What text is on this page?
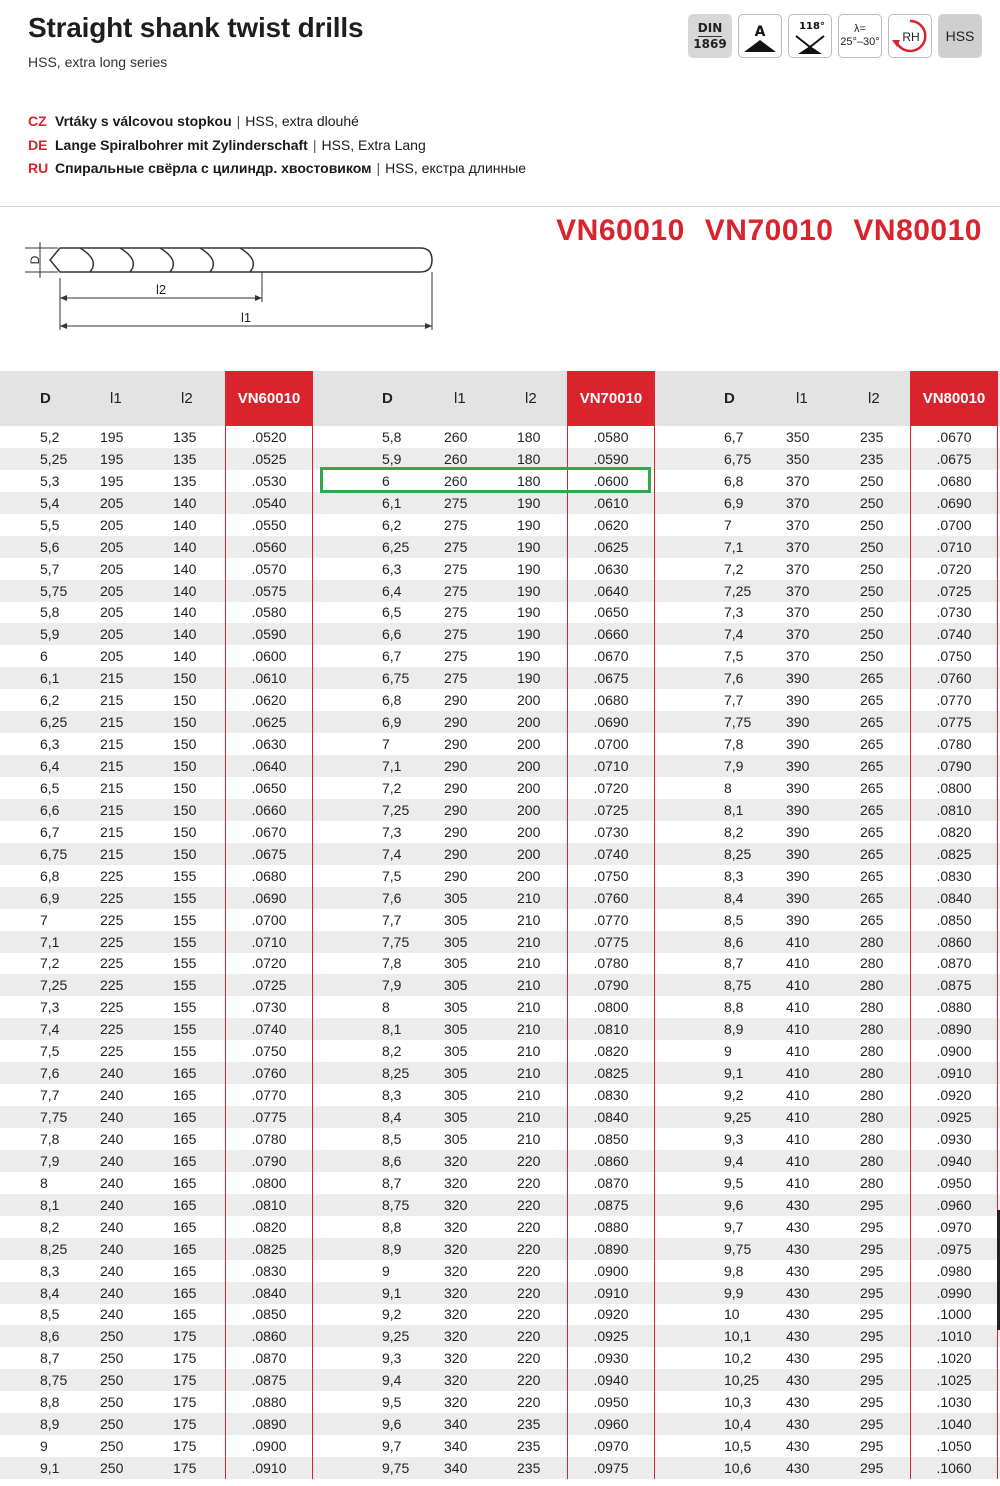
Straight shank twist drills
HSS, extra long series
DIN
1869
A	118°	λ=
25°–30° RH	HSS
CZ Vrtáky s válcovou stopkou | HSS, extra dlouhé
DE Lange Spiralbohrer mit Zylinderschaft | HSS, Extra Lang
RU Спиральные свёрла с цилиндр. хвостовиком | HSS, екстра длинные
D
l2
l1
VN60010 VN70010 VN80010
D	l1	l2	VN60010	D	l1	l2	VN70010	D	l1	l2	VN80010
5,2	195	135	.0520	5,8	260	180	.0580	6,7	350	235	.0670
5,25	195	135	.0525	5,9	260	180	.0590	6,75	350	235	.0675
5,3	195	135	.0530	6	260	180	.0600	6,8	370	250	.0680
5,4	205	140	.0540	6,1	275	190	.0610	6,9	370	250	.0690
5,5	205	140	.0550	6,2	275	190	.0620	7	370	250	.0700
5,6	205	140	.0560	6,25	275	190	.0625	7,1	370	250	.0710
5,7	205	140	.0570	6,3	275	190	.0630	7,2	370	250	.0720
5,75	205	140	.0575	6,4	275	190	.0640	7,25	370	250	.0725
5,8	205	140	.0580	6,5	275	190	.0650	7,3	370	250	.0730
5,9	205	140	.0590	6,6	275	190	.0660	7,4	370	250	.0740
6	205	140	.0600	6,7	275	190	.0670	7,5	370	250	.0750
6,1	215	150	.0610	6,75	275	190	.0675	7,6	390	265	.0760
6,2	215	150	.0620	6,8	290	200	.0680	7,7	390	265	.0770
6,25	215	150	.0625	6,9	290	200	.0690	7,75	390	265	.0775
6,3	215	150	.0630	7	290	200	.0700	7,8	390	265	.0780
6,4	215	150	.0640	7,1	290	200	.0710	7,9	390	265	.0790
6,5	215	150	.0650	7,2	290	200	.0720	8	390	265	.0800
6,6	215	150	.0660	7,25	290	200	.0725	8,1	390	265	.0810
6,7	215	150	.0670	7,3	290	200	.0730	8,2	390	265	.0820
6,75	215	150	.0675	7,4	290	200	.0740	8,25	390	265	.0825
6,8	225	155	.0680	7,5	290	200	.0750	8,3	390	265	.0830
6,9	225	155	.0690	7,6	305	210	.0760	8,4	390	265	.0840
7	225	155	.0700	7,7	305	210	.0770	8,5	390	265	.0850
7,1	225	155	.0710	7,75	305	210	.0775	8,6	410	280	.0860
7,2	225	155	.0720	7,8	305	210	.0780	8,7	410	280	.0870
7,25	225	155	.0725	7,9	305	210	.0790	8,75	410	280	.0875
7,3	225	155	.0730	8	305	210	.0800	8,8	410	280	.0880
7,4	225	155	.0740	8,1	305	210	.0810	8,9	410	280	.0890
7,5	225	155	.0750	8,2	305	210	.0820	9	410	280	.0900
7,6	240	165	.0760	8,25	305	210	.0825	9,1	410	280	.0910
7,7	240	165	.0770	8,3	305	210	.0830	9,2	410	280	.0920
7,75	240	165	.0775	8,4	305	210	.0840	9,25	410	280	.0925
7,8	240	165	.0780	8,5	305	210	.0850	9,3	410	280	.0930
7,9	240	165	.0790	8,6	320	220	.0860	9,4	410	280	.0940
8	240	165	.0800	8,7	320	220	.0870	9,5	410	280	.0950
8,1	240	165	.0810	8,75	320	220	.0875	9,6	430	295	.0960
8,2	240	165	.0820	8,8	320	220	.0880	9,7	430	295	.0970
8,25	240	165	.0825	8,9	320	220	.0890	9,75	430	295	.0975
8,3	240	165	.0830	9	320	220	.0900	9,8	430	295	.0980
8,4	240	165	.0840	9,1	320	220	.0910	9,9	430	295	.0990
8,5	240	165	.0850	9,2	320	220	.0920	10	430	295	.1000
8,6	250	175	.0860	9,25	320	220	.0925	10,1	430	295	.1010
8,7	250	175	.0870	9,3	320	220	.0930	10,2	430	295	.1020
8,75	250	175	.0875	9,4	320	220	.0940	10,25	430	295	.1025
8,8	250	175	.0880	9,5	320	220	.0950	10,3	430	295	.1030
8,9	250	175	.0890	9,6	340	235	.0960	10,4	430	295	.1040
9	250	175	.0900	9,7	340	235	.0970	10,5	430	295	.1050
9,1	250	175	.0910	9,75	340	235	.0975	10,6	430	295	.1060
